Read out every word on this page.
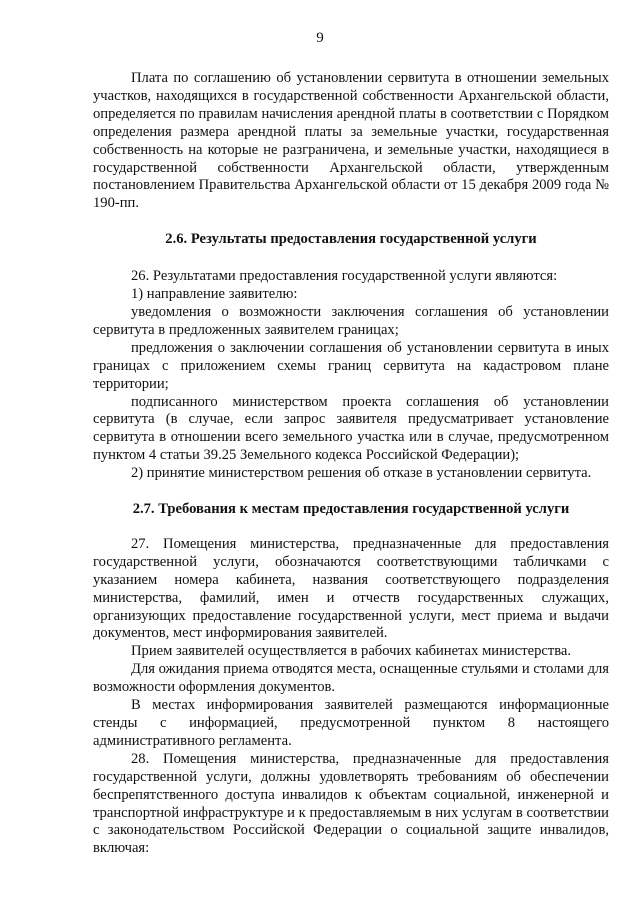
9

Плата по соглашению об установлении сервитута в отношении земельных участков, находящихся в государственной собственности Архангельской области, определяется по правилам начисления арендной платы в соответствии с Порядком определения размера арендной платы за земельные участки, государственная собственность на которые не разграничена, и земельные участки, находящиеся в государственной собственности Архангельской области, утвержденным постановлением Правительства Архангельской области от 15 декабря 2009 года № 190-пп.

2.6. Результаты предоставления государственной услуги

26. Результатами предоставления государственной услуги являются:

1) направление заявителю:

уведомления о возможности заключения соглашения об установлении сервитута в предложенных заявителем границах;

предложения о заключении соглашения об установлении сервитута в иных границах с приложением схемы границ сервитута на кадастровом плане территории;

подписанного министерством проекта соглашения об установлении сервитута (в случае, если запрос заявителя предусматривает установление сервитута в отношении всего земельного участка или в случае, предусмотренном пунктом 4 статьи 39.25 Земельного кодекса Российской Федерации);

2) принятие министерством решения об отказе в установлении сервитута.

2.7. Требования к местам предоставления государственной услуги

27. Помещения министерства, предназначенные для предоставления государственной услуги, обозначаются соответствующими табличками с указанием номера кабинета, названия соответствующего подразделения министерства, фамилий, имен и отчеств государственных служащих, организующих предоставление государственной услуги, мест приема и выдачи документов, мест информирования заявителей.

Прием заявителей осуществляется в рабочих кабинетах министерства.

Для ожидания приема отводятся места, оснащенные стульями и столами для возможности оформления документов.

В местах информирования заявителей размещаются информационные стенды с информацией, предусмотренной пунктом 8 настоящего административного регламента.

28. Помещения министерства, предназначенные для предоставления государственной услуги, должны удовлетворять требованиям об обеспечении беспрепятственного доступа инвалидов к объектам социальной, инженерной и транспортной инфраструктуре и к предоставляемым в них услугам в соответствии с законодательством Российской Федерации о социальной защите инвалидов, включая:
